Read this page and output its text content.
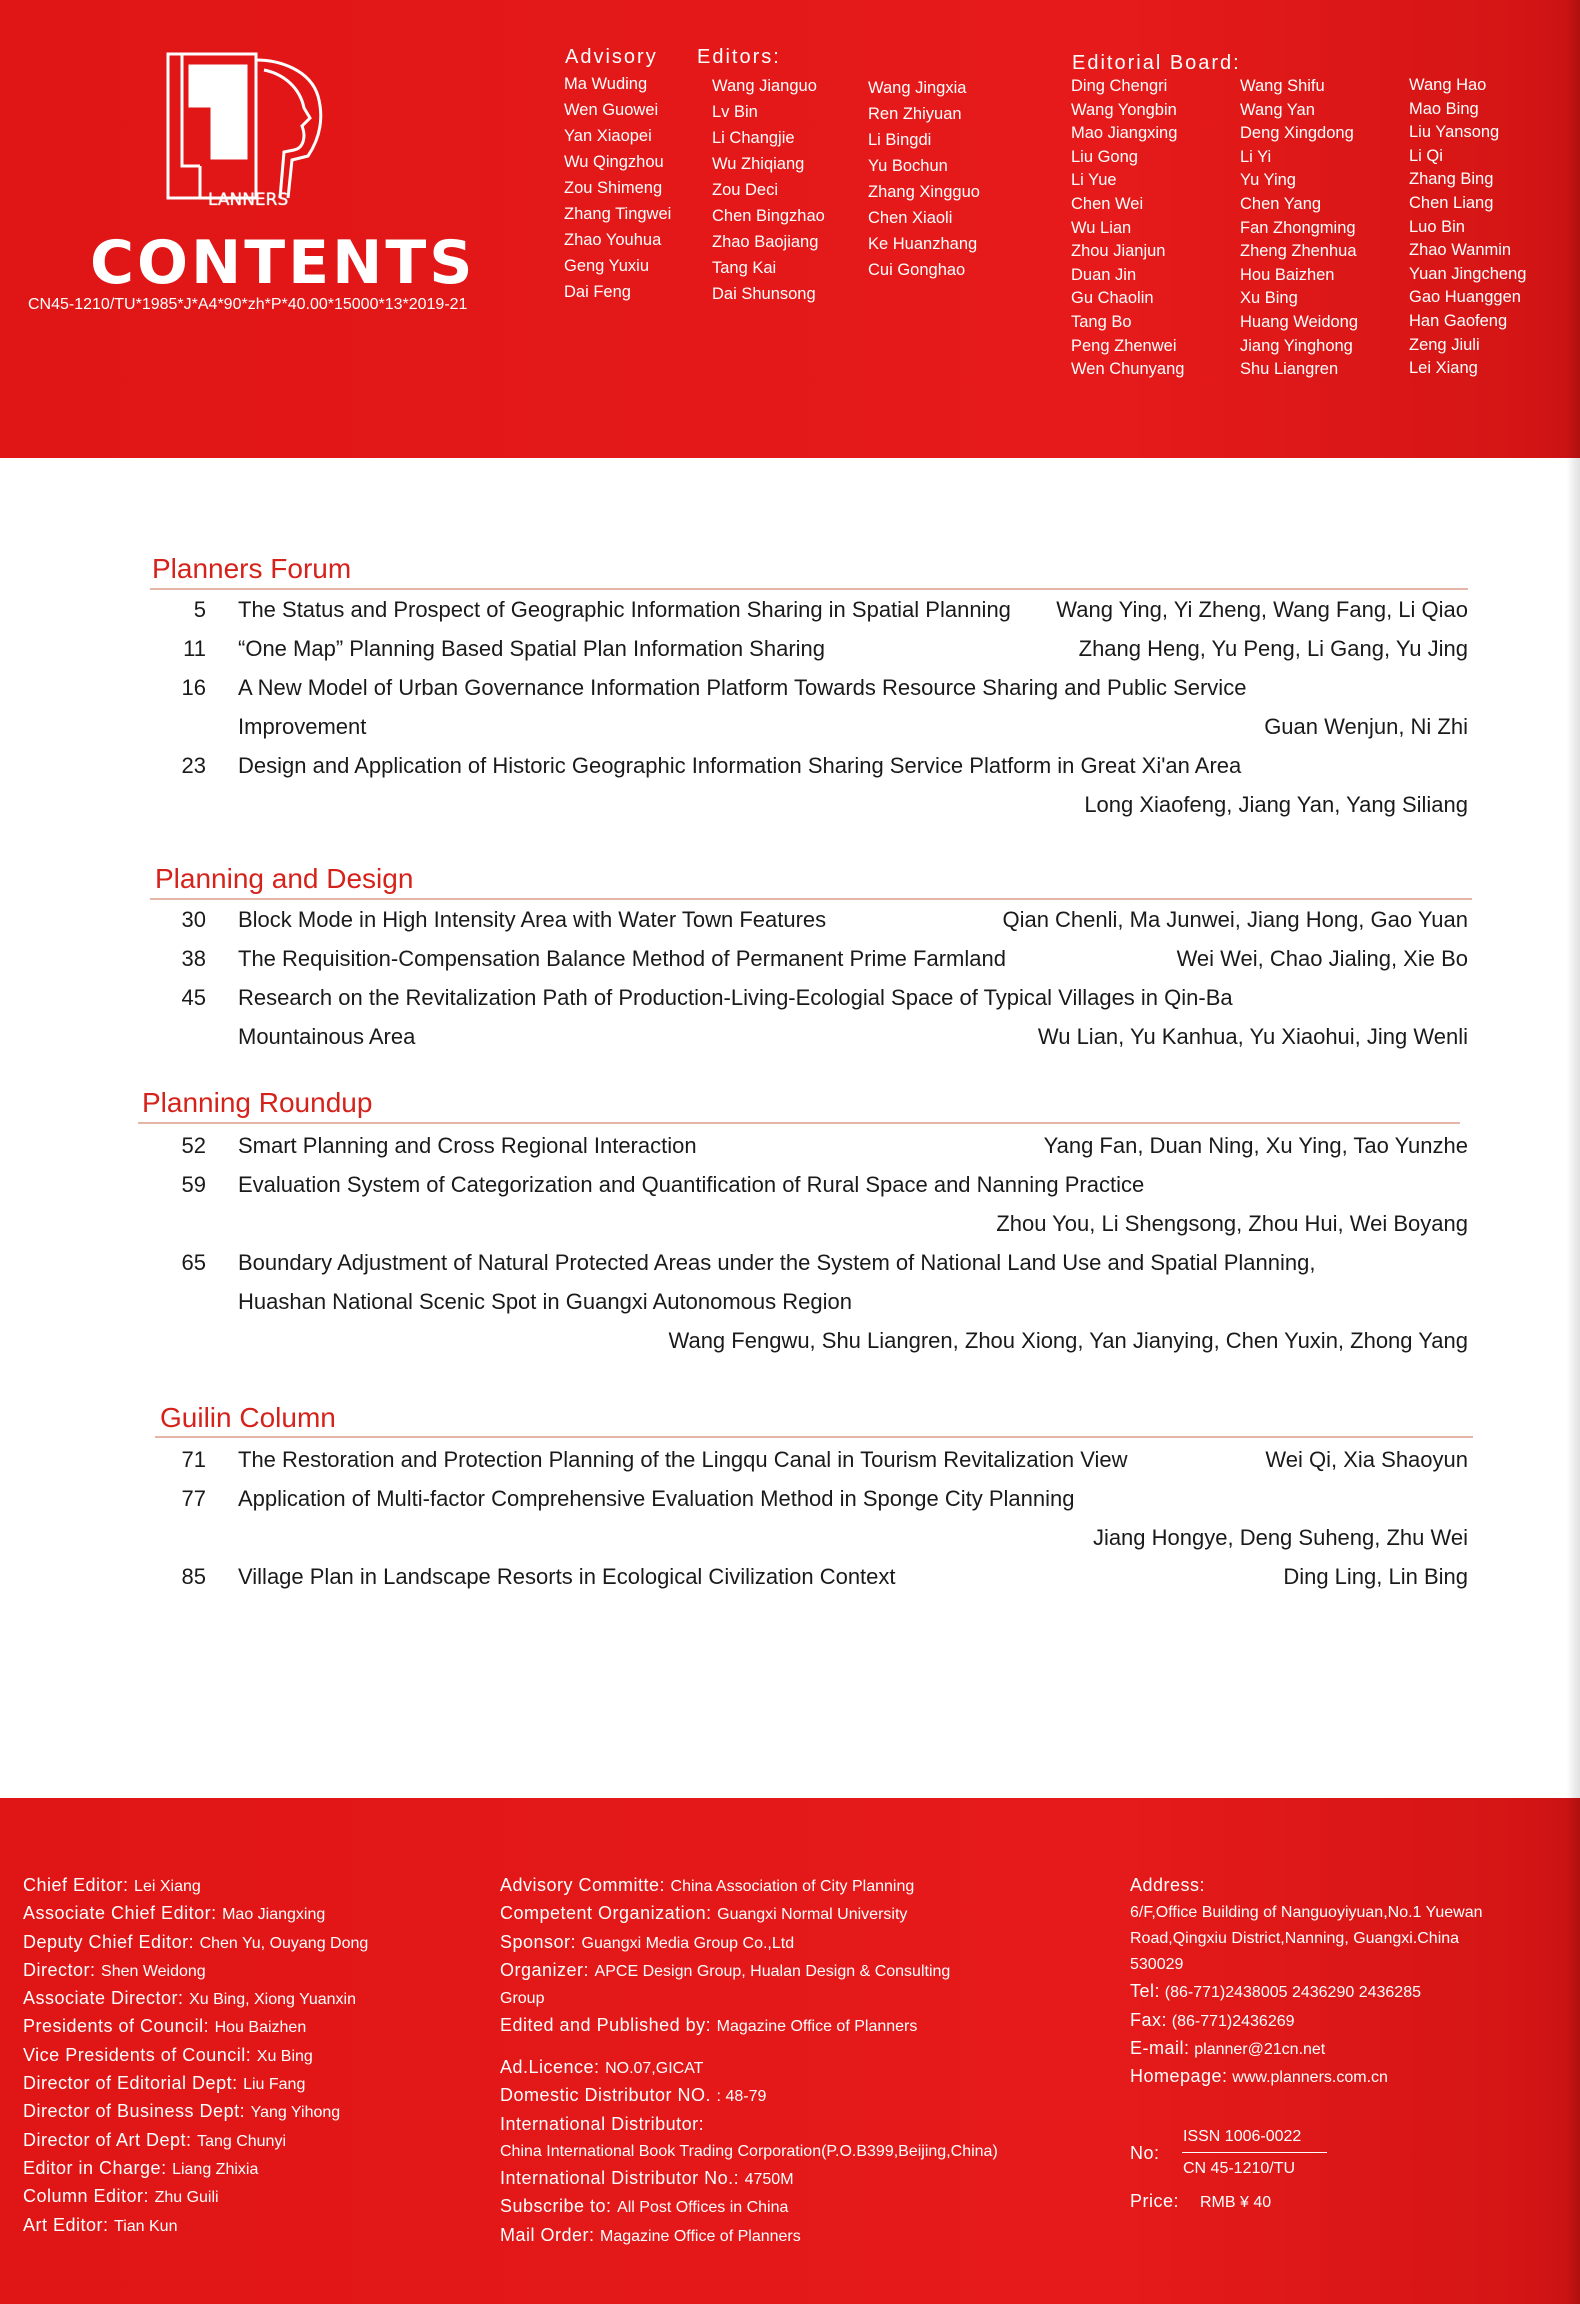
LANNERS
CONTENTS
CN45-1210/TU*1985*J*A4*90*zh*P*40.00*15000*13*2019-21
Advisory Editors:	Editorial Board:
Ma Wuding
Wen Guowei
Yan Xiaopei
Wu Qingzhou
Zou Shimeng
Zhang Tingwei
Zhao Youhua
Geng Yuxiu
Dai Feng
Wang Jianguo
Lv Bin
Li Changjie
Wu Zhiqiang
Zou Deci
Chen Bingzhao
Zhao Baojiang
Tang Kai
Dai Shunsong
Wang Jingxia
Ren Zhiyuan
Li Bingdi
Yu Bochun
Zhang Xingguo
Chen Xiaoli
Ke Huanzhang
Cui Gonghao
Ding Chengri
Wang Yongbin
Mao Jiangxing
Liu Gong
Li Yue
Chen Wei
Wu Lian
Zhou Jianjun
Duan Jin
Gu Chaolin
Tang Bo
Peng Zhenwei
Wen Chunyang
Wang Shifu
Wang Yan
Deng Xingdong
Li Yi
Yu Ying
Chen Yang
Fan Zhongming
Zheng Zhenhua
Hou Baizhen
Xu Bing
Huang Weidong
Jiang Yinghong
Shu Liangren
Wang Hao
Mao Bing
Liu Yansong
Li Qi
Zhang Bing
Chen Liang
Luo Bin
Zhao Wanmin
Yuan Jingcheng
Gao Huanggen
Han Gaofeng
Zeng Jiuli
Lei Xiang
Planners Forum
5 The Status and Prospect of Geographic Information Sharing in Spatial Planning Wang Ying, Yi Zheng, Wang Fang, Li Qiao
11 “One Map” Planning Based Spatial Plan Information Sharing	Zhang Heng, Yu Peng, Li Gang, Yu Jing
16 A New Model of Urban Governance Information Platform Towards Resource Sharing and Public Service
Improvement	Guan Wenjun, Ni Zhi
23 Design and Application of Historic Geographic Information Sharing Service Platform in Great Xi'an Area
Long Xiaofeng, Jiang Yan, Yang Siliang
Planning and Design
30 Block Mode in High Intensity Area with Water Town Features	Qian Chenli, Ma Junwei, Jiang Hong, Gao Yuan
38 The Requisition-Compensation Balance Method of Permanent Prime Farmland	Wei Wei, Chao Jialing, Xie Bo
45 Research on the Revitalization Path of Production-Living-Ecologial Space of Typical Villages in Qin-Ba
Mountainous Area	Wu Lian, Yu Kanhua, Yu Xiaohui, Jing Wenli
Planning Roundup
52 Smart Planning and Cross Regional Interaction	Yang Fan, Duan Ning, Xu Ying, Tao Yunzhe
59 Evaluation System of Categorization and Quantification of Rural Space and Nanning Practice
Zhou You, Li Shengsong, Zhou Hui, Wei Boyang
65 Boundary Adjustment of Natural Protected Areas under the System of National Land Use and Spatial Planning,
Huashan National Scenic Spot in Guangxi Autonomous Region
Wang Fengwu, Shu Liangren, Zhou Xiong, Yan Jianying, Chen Yuxin, Zhong Yang
Guilin Column
71 The Restoration and Protection Planning of the Lingqu Canal in Tourism Revitalization View	Wei Qi, Xia Shaoyun
77 Application of Multi-factor Comprehensive Evaluation Method in Sponge City Planning
Jiang Hongye, Deng Suheng, Zhu Wei
85 Village Plan in Landscape Resorts in Ecological Civilization Context	Ding Ling, Lin Bing
Chief Editor: Lei Xiang
Associate Chief Editor: Mao Jiangxing
Deputy Chief Editor: Chen Yu, Ouyang Dong
Director: Shen Weidong
Associate Director: Xu Bing, Xiong Yuanxin
Presidents of Council: Hou Baizhen
Vice Presidents of Council: Xu Bing
Director of Editorial Dept: Liu Fang
Director of Business Dept: Yang Yihong
Director of Art Dept: Tang Chunyi
Editor in Charge: Liang Zhixia
Column Editor: Zhu Guili
Art Editor: Tian Kun
Advisory Committe: China Association of City Planning
Competent Organization: Guangxi Normal University
Sponsor: Guangxi Media Group Co.,Ltd
Organizer: APCE Design Group, Hualan Design & Consulting
Group
Edited and Published by: Magazine Office of Planners
Ad.Licence: NO.07,GICAT
Domestic Distributor NO. : 48-79
International Distributor:
China International Book Trading Corporation(P.O.B399,Beijing,China)
International Distributor No.: 4750M
Subscribe to: All Post Offices in China
Mail Order: Magazine Office of Planners
Address:
6/F,Office Building of Nanguoyiyuan,No.1 Yuewan
Road,Qingxiu District,Nanning, Guangxi.China
530029
Tel: (86-771)2438005 2436290 2436285
Fax: (86-771)2436269
E-mail: planner@21cn.net
Homepage: www.planners.com.cn
No:
ISSN 1006-0022
CN 45-1210/TU
Price: RMB ¥ 40
